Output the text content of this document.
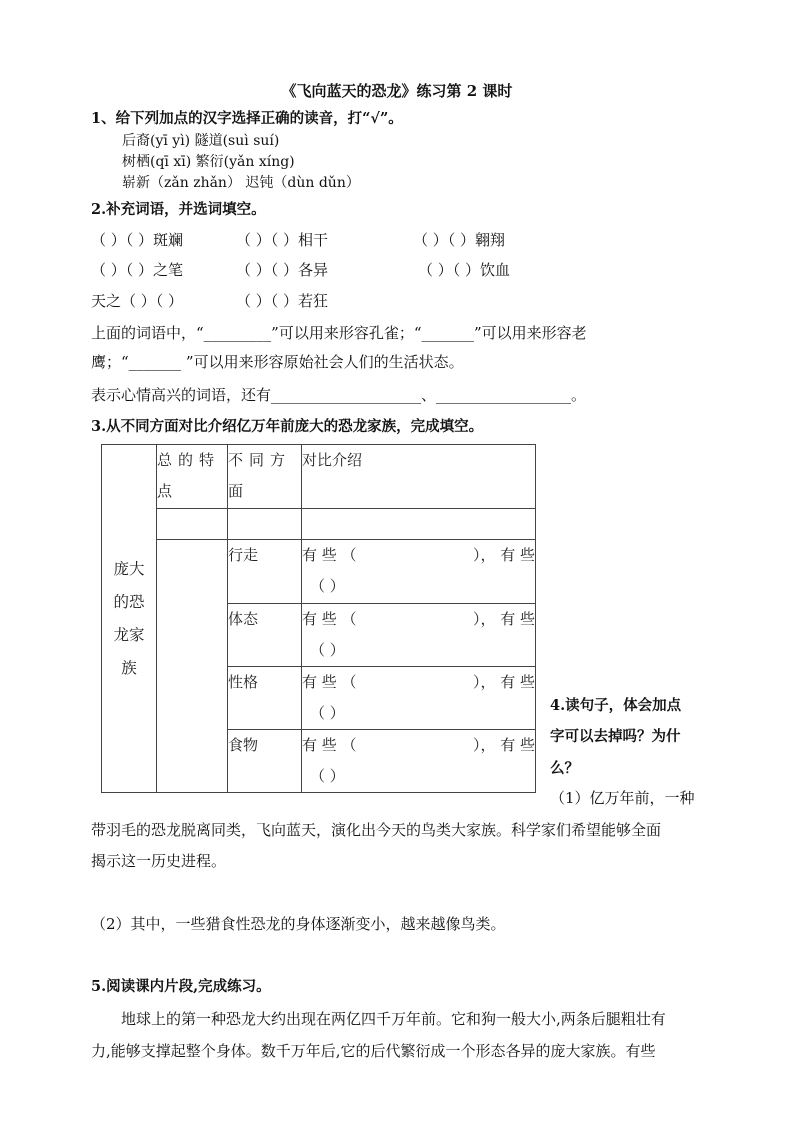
《飞向蓝天的恐龙》练习第 2 课时
1、给下列加点的汉字选择正确的读音，打“√”。
后裔(yī yì) 隧道(suì suí)
树栖(qī xī) 繁衍(yǎn xíng)
崭新（zǎn zhǎn） 迟钝（dùn dǔn）
2.补充词语，并选词填空。
（ ）（ ）斑斓	（ ）（ ）相干	（ ）（ ）翱翔
（ ）（ ）之笔	（ ）（ ）各异	（ ）（ ）饮血
天之（ ）（ ）	（ ）（ ）若狂
上面的词语中，“_________”可以用来形容孔雀；“_______”可以用来形容老
鹰；“_______ ”可以用来形容原始社会人们的生活状态。
表示心情高兴的词语，还有____________________、__________________。
3.从不同方面对比介绍亿万年前庞大的恐龙家族，完成填空。
庞大
的恐
龙家
族	总的特点	不同方面	对比介绍

		行走	有 些 （ ）， 有 些
（ ）

		体态	有 些 （ ）， 有 些
（ ）

		性格	有 些 （ ）， 有 些
（ ）

		食物	有 些 （ ）， 有 些
（ ）
4.读句子，体会加点
字可以去掉吗？为什
么？
（1）亿万年前，一种
带羽毛的恐龙脱离同类，飞向蓝天，演化出今天的鸟类大家族。科学家们希望能够全面
揭示这一历史进程。
（2）其中，一些猎食性恐龙的身体逐渐变小，越来越像鸟类。
5.阅读课内片段,完成练习。
地球上的第一种恐龙大约出现在两亿四千万年前。它和狗一般大小,两条后腿粗壮有
力,能够支撑起整个身体。数千万年后,它的后代繁衍成一个形态各异的庞大家族。有些
